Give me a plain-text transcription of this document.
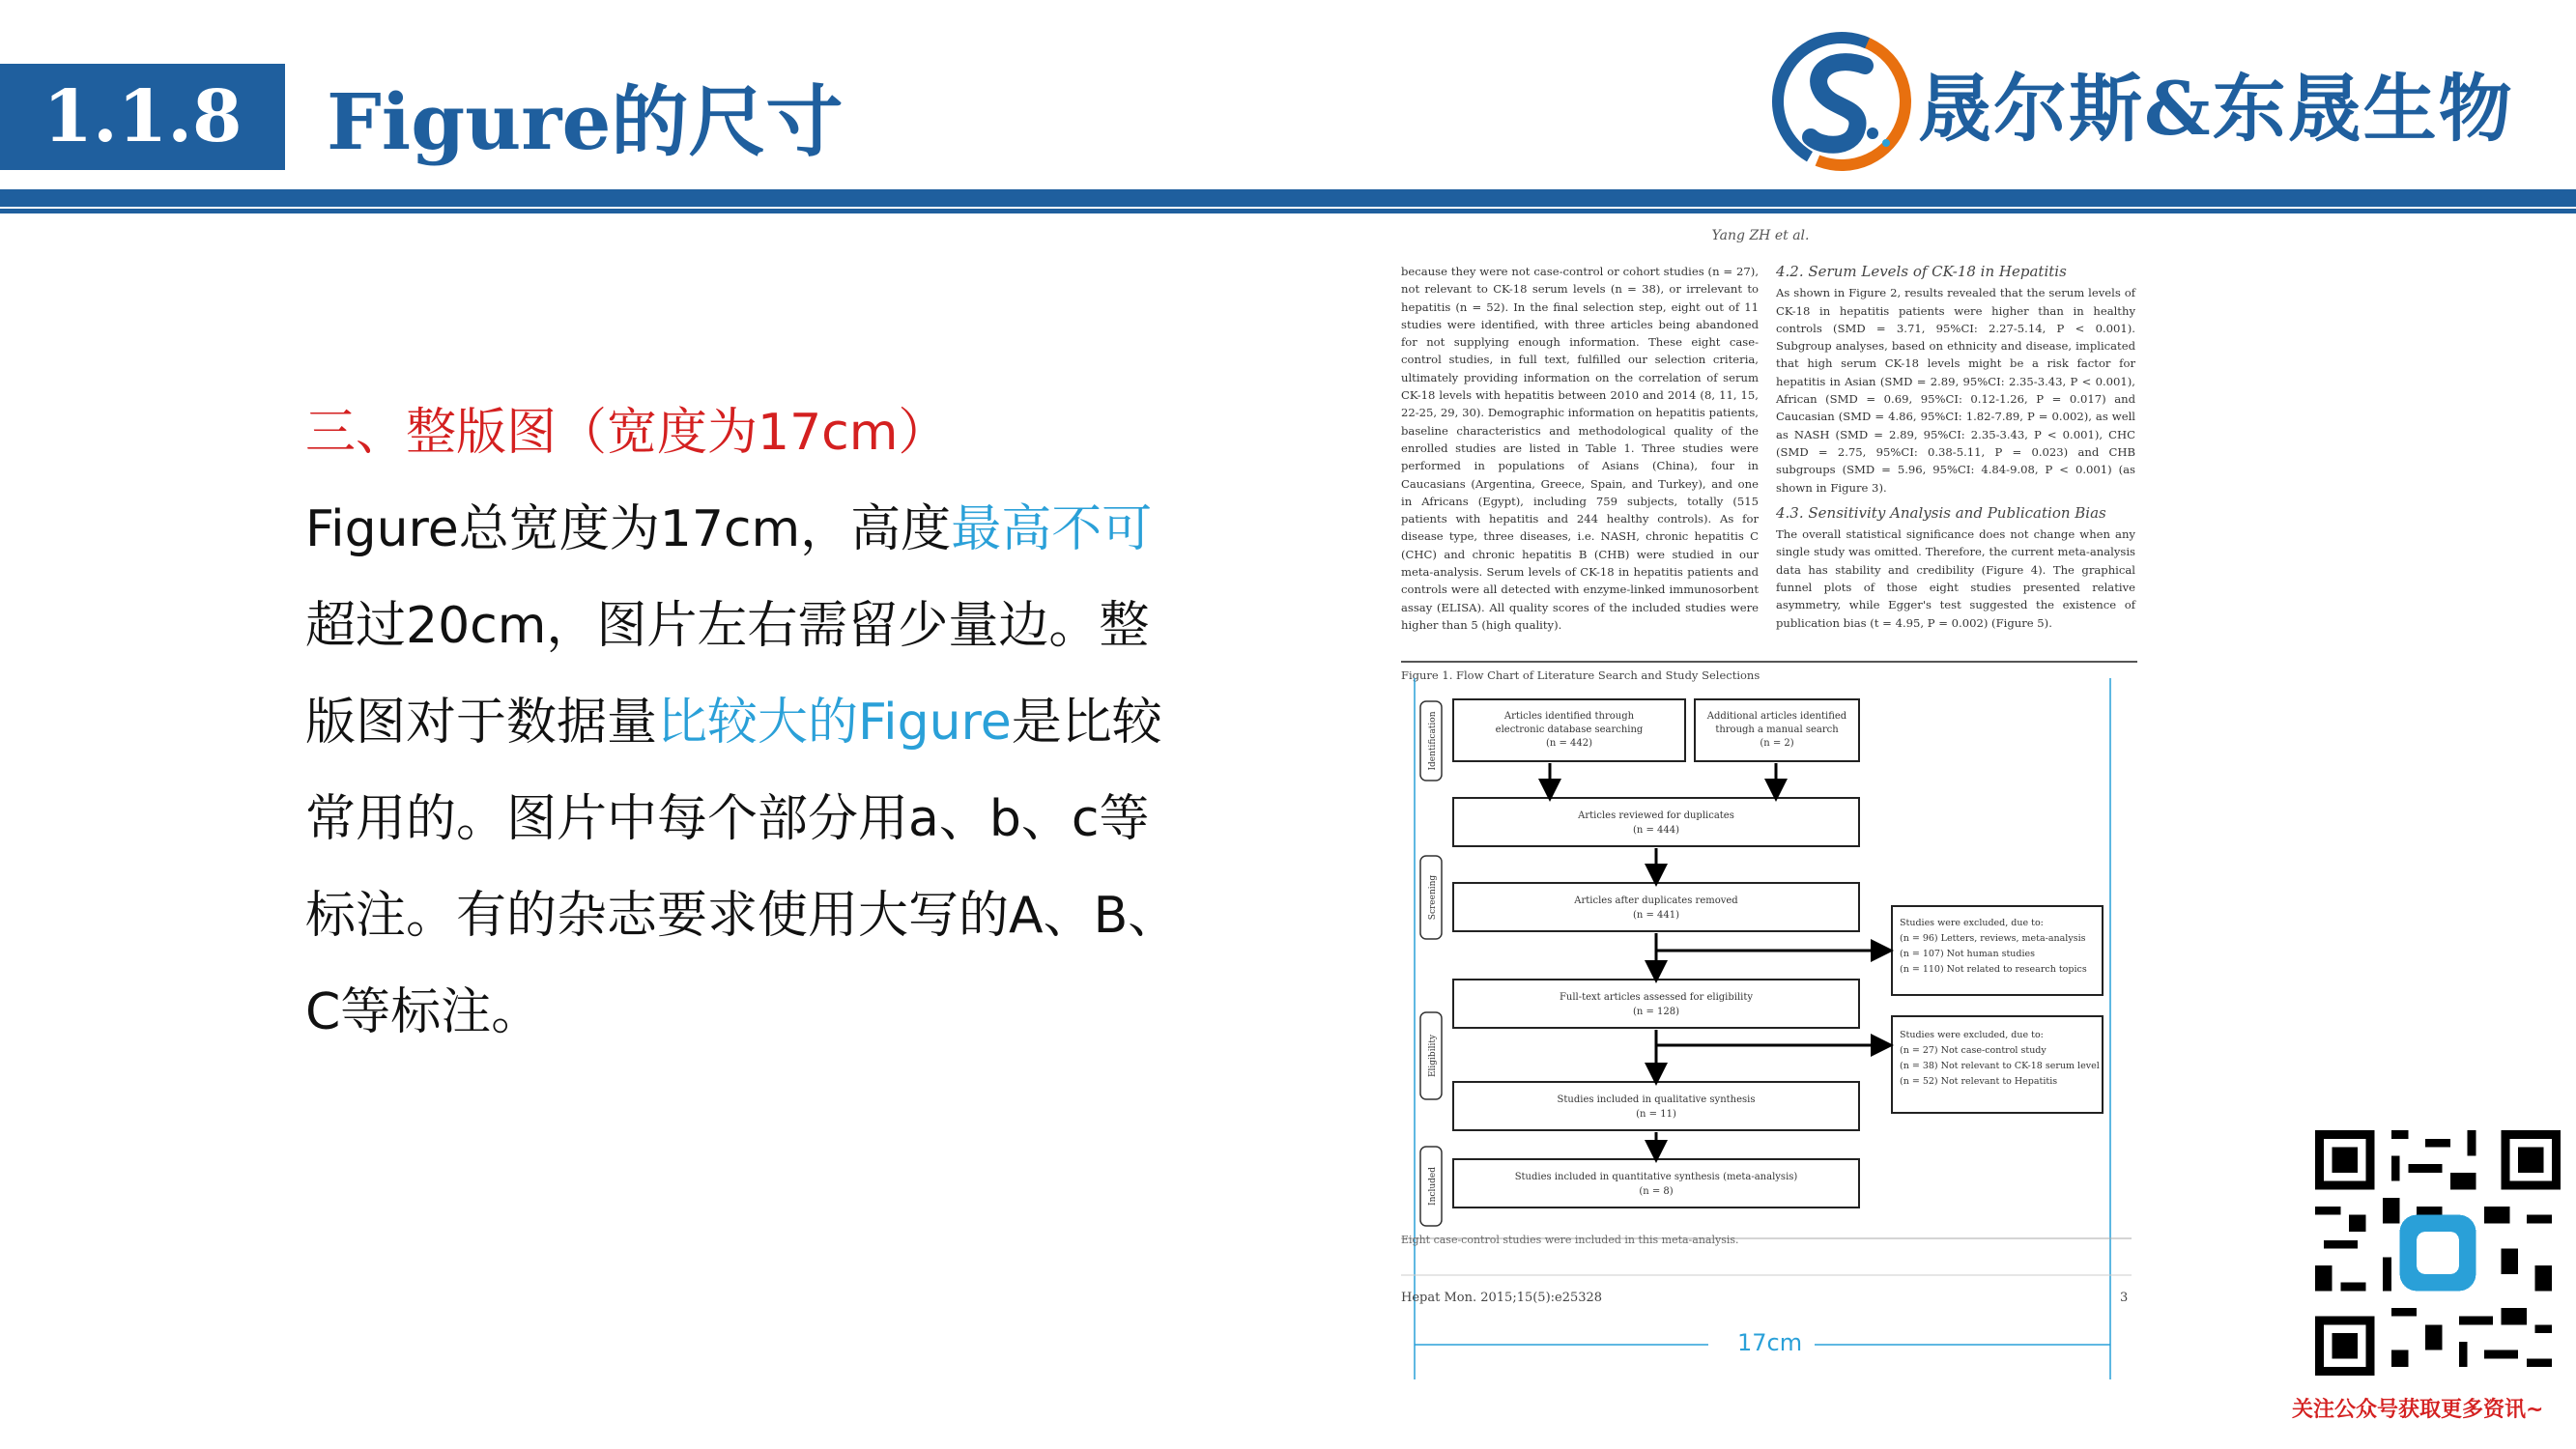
1.1.8	Figure的尺寸	晟尔斯&东晟生物
三、整版图（宽度为17cm）
Figure总宽度为17cm，高度最高不可超过20cm，图片左右需留少量边。整版图对于数据量比较大的Figure是比较常用的。图片中每个部分用a、b、c等标注。有的杂志要求使用大写的A、B、C等标注。
Yang ZH et al.
because they were not case-control or cohort studies (n = 27), not relevant to CK-18 serum levels (n = 38), or irrelevant to hepatitis (n = 52). In the final selection step, eight out of 11 studies were identified, with three articles being abandoned for not supplying enough information. These eight case-control studies, in full text, fulfilled our selection criteria, ultimately providing information on the correlation of serum CK-18 levels with hepatitis between 2010 and 2014 (8, 11, 15, 22-25, 29, 30). Demographic information on hepatitis patients, baseline characteristics and methodological quality of the enrolled studies are listed in Table 1. Three studies were performed in populations of Asians (China), four in Caucasians (Argentina, Greece, Spain, and Turkey), and one in Africans (Egypt), including 759 subjects, totally (515 patients with hepatitis and 244 healthy controls). As for disease type, three diseases, i.e. NASH, chronic hepatitis C (CHC) and chronic hepatitis B (CHB) were studied in our meta-analysis. Serum levels of CK-18 in hepatitis patients and controls were all detected with enzyme-linked immunosorbent assay (ELISA). All quality scores of the included studies were higher than 5 (high quality).
4.2. Serum Levels of CK-18 in Hepatitis
As shown in Figure 2, results revealed that the serum levels of CK-18 in hepatitis patients were higher than in healthy controls (SMD = 3.71, 95%CI: 2.27-5.14, P < 0.001). Subgroup analyses, based on ethnicity and disease, implicated that high serum CK-18 levels might be a risk factor for hepatitis in Asian (SMD = 2.89, 95%CI: 2.35-3.43, P < 0.001), African (SMD = 0.69, 95%CI: 0.12-1.26, P = 0.017) and Caucasian (SMD = 4.86, 95%CI: 1.82-7.89, P = 0.002), as well as NASH (SMD = 2.89, 95%CI: 2.35-3.43, P < 0.001), CHC (SMD = 2.75, 95%CI: 0.38-5.11, P = 0.023) and CHB subgroups (SMD = 5.96, 95%CI: 4.84-9.08, P < 0.001) (as shown in Figure 3).
4.3. Sensitivity Analysis and Publication Bias
The overall statistical significance does not change when any single study was omitted. Therefore, the current meta-analysis data has stability and credibility (Figure 4). The graphical funnel plots of those eight studies presented relative asymmetry, while Egger's test suggested the existence of publication bias (t = 4.95, P = 0.002) (Figure 5).
Figure 1. Flow Chart of Literature Search and Study Selections
Identification
Screening
Eligibility
Included
Articles identified through
electronic database searching
(n = 442)
Additional articles identified
through a manual search
(n = 2)
Articles reviewed for duplicates
(n = 444)
Articles after duplicates removed
(n = 441)
Full-text articles assessed for eligibility
(n = 128)
Studies included in qualitative synthesis
(n = 11)
Studies included in quantitative synthesis (meta-analysis)
(n = 8)
Studies were excluded, due to:
(n = 96) Letters, reviews, meta-analysis
(n = 107) Not human studies
(n = 110) Not related to research topics
Studies were excluded, due to:
(n = 27) Not case-control study
(n = 38) Not relevant to CK-18 serum level
(n = 52) Not relevant to Hepatitis
Eight case-control studies were included in this meta-analysis.
Hepat Mon. 2015;15(5):e25328	3
17cm
关注公众号获取更多资讯~
